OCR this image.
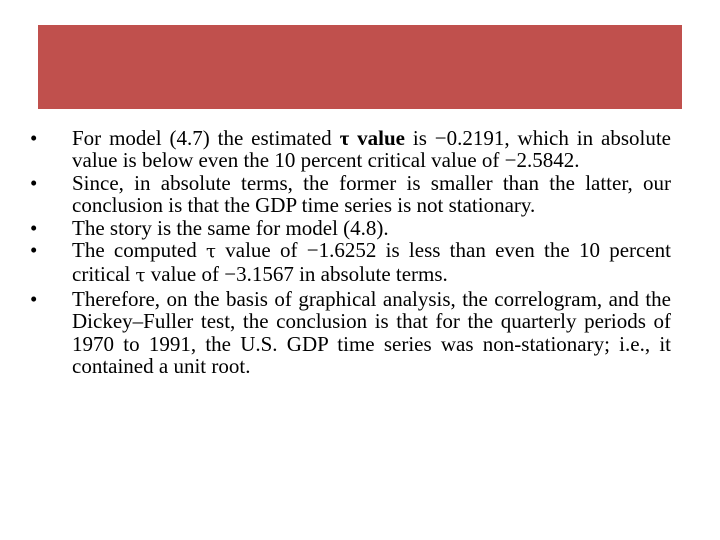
•	For model (4.7) the estimated τ value is −0.2191, which in absolute value is below even the 10 percent critical value of −2.5842.
•	Since, in absolute terms, the former is smaller than the latter, our conclusion is that the GDP time series is not stationary.
•	The story is the same for model (4.8).
•	The computed τ value of −1.6252 is less than even the 10 percent critical τ value of −3.1567 in absolute terms.
•	Therefore, on the basis of graphical analysis, the correlogram, and the Dickey–Fuller test, the conclusion is that for the quarterly periods of 1970 to 1991, the U.S. GDP time series was non-stationary; i.e., it contained a unit root.
